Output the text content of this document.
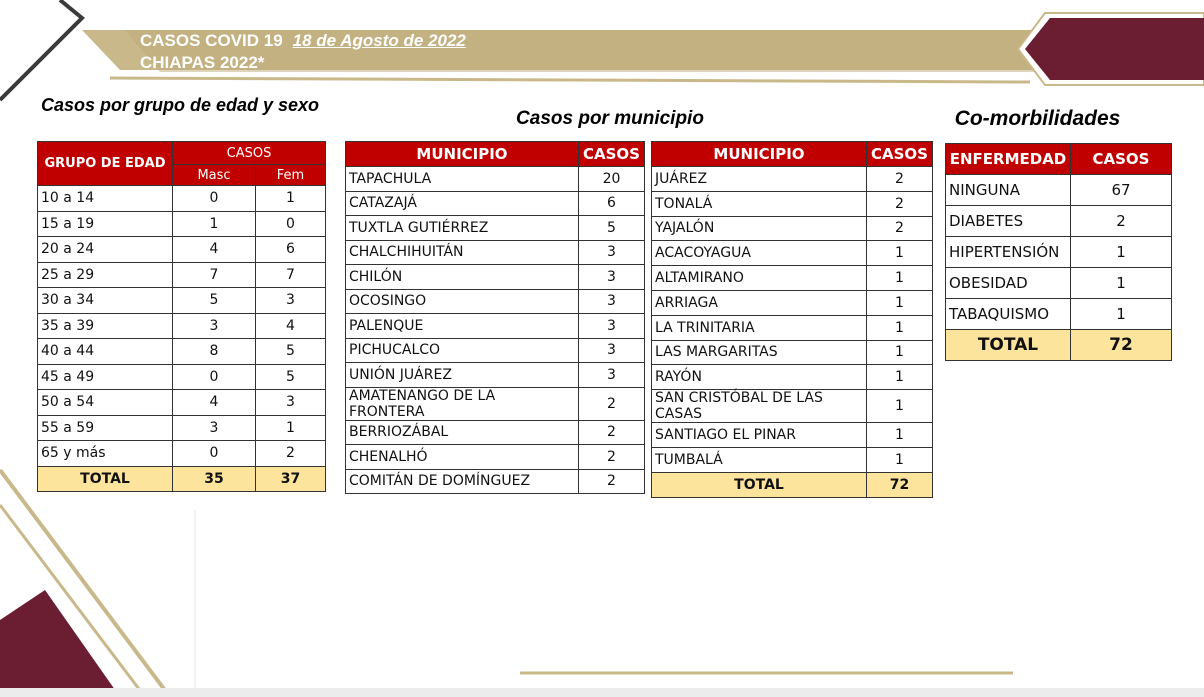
CASOS COVID 19 18 de Agosto de 2022
CHIAPAS 2022*
Casos por grupo de edad y sexo
Casos por municipio	Co-morbilidades
GRUPO DE EDAD	CASOS	
	Masc	Fem
10 a 14	0	1
15 a 19	1	0
20 a 24	4	6
25 a 29	7	7
30 a 34	5	3
35 a 39	3	4
40 a 44	8	5
45 a 49	0	5
50 a 54	4	3
55 a 59	3	1
65 y más	0	2
TOTAL	35	37
MUNICIPIO	CASOS
TAPACHULA	20
CATAZAJÁ	6
TUXTLA GUTIÉRREZ	5
CHALCHIHUITÁN	3
CHILÓN	3
OCOSINGO	3
PALENQUE	3
PICHUCALCO	3
UNIÓN JUÁREZ	3
AMATENANGO DE LA FRONTERA	2
BERRIOZÁBAL	2
CHENALHÓ	2
COMITÁN DE DOMÍNGUEZ	2
MUNICIPIO	CASOS
JUÁREZ	2
TONALÁ	2
YAJALÓN	2
ACACOYAGUA	1
ALTAMIRANO	1
ARRIAGA	1
LA TRINITARIA	1
LAS MARGARITAS	1
RAYÓN	1
SAN CRISTÓBAL DE LAS CASAS	1
SANTIAGO EL PINAR	1
TUMBALÁ	1
TOTAL	72
ENFERMEDAD	CASOS
NINGUNA	67
DIABETES	2
HIPERTENSIÓN	1
OBESIDAD	1
TABAQUISMO	1
TOTAL	72
